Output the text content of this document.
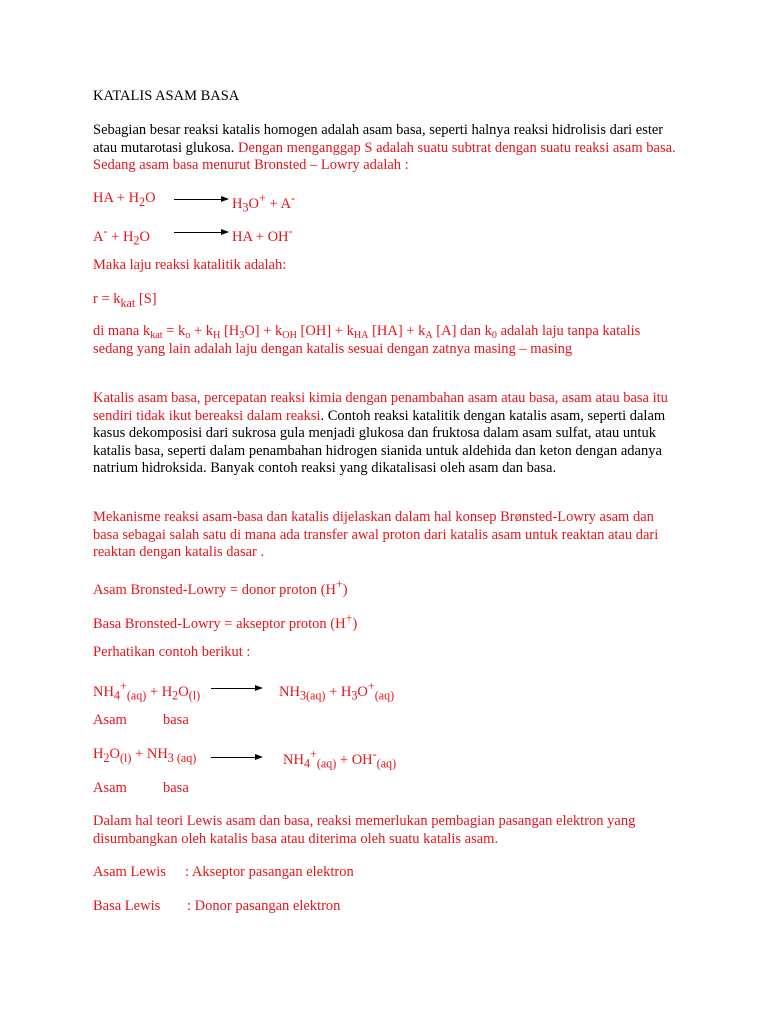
KATALIS ASAM BASA
Sebagian besar reaksi katalis homogen adalah asam basa, seperti halnya reaksi hidrolisis dari ester atau mutarotasi glukosa. Dengan menganggap S adalah suatu subtrat dengan suatu reaksi asam basa. Sedang asam basa menurut Bronsted – Lowry adalah :
HA + $H_2O$	$H_3O^+ + A^-$
$A^- + H_2O$	HA + OH-
Maka laju reaksi katalitik adalah:
$r = k_{kat}$ [S]
di mana $k_{kat} = k_o + k_H$ $[H_3O] + k_{OH}$ $[OH] + k_{HA}$ $[HA] + k_A$ [A] dan $k_0$ adalah laju tanpa katalis sedang yang lain adalah laju dengan katalis sesuai dengan zatnya masing – masing
Katalis asam basa, percepatan reaksi kimia dengan penambahan asam atau basa, asam atau basa itu sendiri tidak ikut bereaksi dalam reaksi. Contoh reaksi katalitik dengan katalis asam, seperti dalam kasus dekomposisi dari sukrosa gula menjadi glukosa dan fruktosa dalam asam sulfat, atau untuk katalis basa, seperti dalam penambahan hidrogen sianida untuk aldehida dan keton dengan adanya natrium hidroksida. Banyak contoh reaksi yang dikatalisasi oleh asam dan basa.
Mekanisme reaksi asam-basa dan katalis dijelaskan dalam hal konsep Brønsted-Lowry asam dan basa sebagai salah satu di mana ada transfer awal proton dari katalis asam untuk reaktan atau dari reaktan dengan katalis dasar .
Asam Bronsted-Lowry = donor proton (H+)
Basa Bronsted-Lowry = akseptor proton (H+)
Perhatikan contoh berikut :
$NH_4^+_{(aq)} + H_2O_{(l)}$	$NH_{3(aq)} + H_3O^+_{(aq)}$
Asam basa
$H_2O_{(l)} + NH_{3 (aq)}$	$NH_4^+_{(aq)} + OH^-_{(aq)}$
Asam basa
Dalam hal teori Lewis asam dan basa, reaksi memerlukan pembagian pasangan elektron yang disumbangkan oleh katalis basa atau diterima oleh suatu katalis asam.
Asam Lewis : Akseptor pasangan elektron
Basa Lewis : Donor pasangan elektron
